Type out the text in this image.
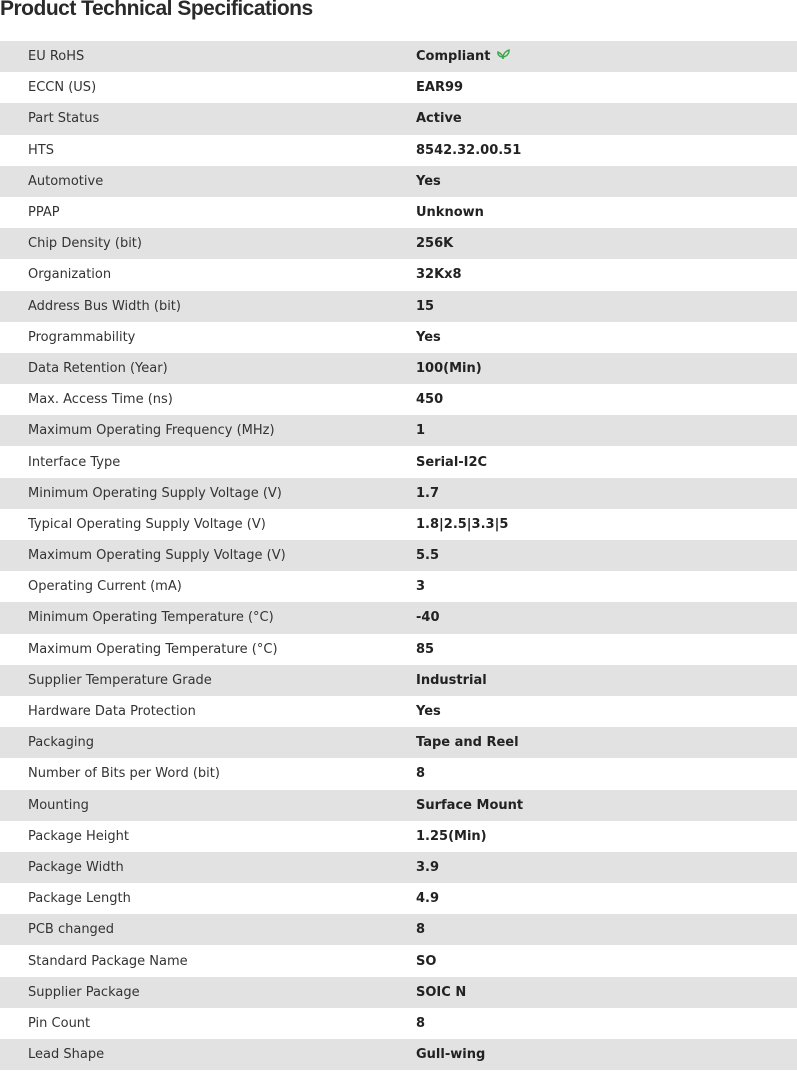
Product Technical Specifications
EU RoHS	Compliant
ECCN (US)	EAR99
Part Status	Active
HTS	8542.32.00.51
Automotive	Yes
PPAP	Unknown
Chip Density (bit)	256K
Organization	32Kx8
Address Bus Width (bit)	15
Programmability	Yes
Data Retention (Year)	100(Min)
Max. Access Time (ns)	450
Maximum Operating Frequency (MHz)	1
Interface Type	Serial-I2C
Minimum Operating Supply Voltage (V)	1.7
Typical Operating Supply Voltage (V)	1.8|2.5|3.3|5
Maximum Operating Supply Voltage (V)	5.5
Operating Current (mA)	3
Minimum Operating Temperature (°C)	-40
Maximum Operating Temperature (°C)	85
Supplier Temperature Grade	Industrial
Hardware Data Protection	Yes
Packaging	Tape and Reel
Number of Bits per Word (bit)	8
Mounting	Surface Mount
Package Height	1.25(Min)
Package Width	3.9
Package Length	4.9
PCB changed	8
Standard Package Name	SO
Supplier Package	SOIC N
Pin Count	8
Lead Shape	Gull-wing
